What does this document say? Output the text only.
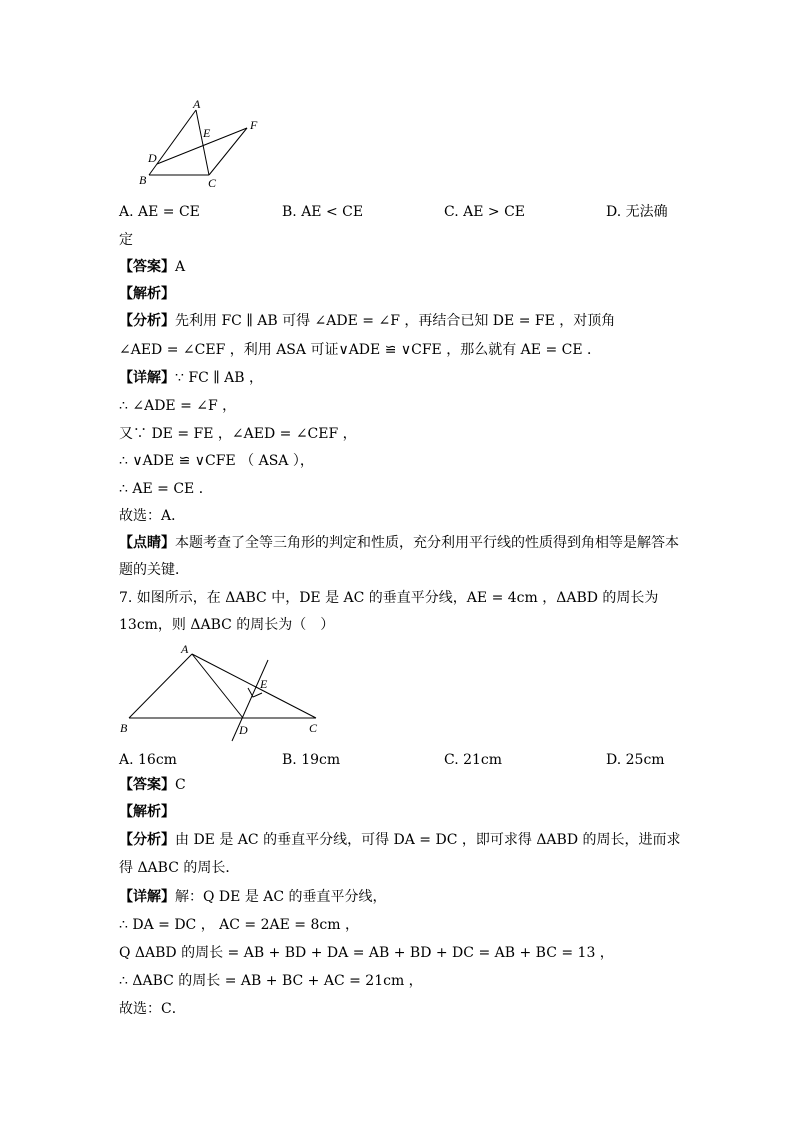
A
B	C
D
E
F
A. AE = CE	B. AE < CE	C. AE > CE	D. 无法确
定
【答案】A
【解析】
【分析】先利用 FC ∥ AB 可得 ∠ADE = ∠F ，再结合已知 DE = FE ，对顶角
∠AED = ∠CEF ，利用 ASA 可证∨ADE ≌ ∨CFE ，那么就有 AE = CE ．
【详解】∵ FC ∥ AB ，
∴ ∠ADE = ∠F ，
又∵ DE = FE ，∠AED = ∠CEF ，
∴ ∨ADE ≌ ∨CFE （ ASA ），
∴ AE = CE ．
故选：A．
【点睛】本题考查了全等三角形的判定和性质，充分利用平行线的性质得到角相等是解答本
题的关键．
7. 如图所示，在 ΔABC 中，DE 是 AC 的垂直平分线，AE = 4cm ，ΔABD 的周长为
13cm，则 ΔABC 的周长为（　）
A
B	C
D
E
A. 16cm	B. 19cm	C. 21cm	D. 25cm
【答案】C
【解析】
【分析】由 DE 是 AC 的垂直平分线，可得 DA = DC ，即可求得 ΔABD 的周长，进而求
得 ΔABC 的周长．
【详解】解：Q DE 是 AC 的垂直平分线，
∴ DA = DC ， AC = 2AE = 8cm ，
Q ΔABD 的周长 = AB + BD + DA = AB + BD + DC = AB + BC = 13 ，
∴ ΔABC 的周长 = AB + BC + AC = 21cm ，
故选：C．
